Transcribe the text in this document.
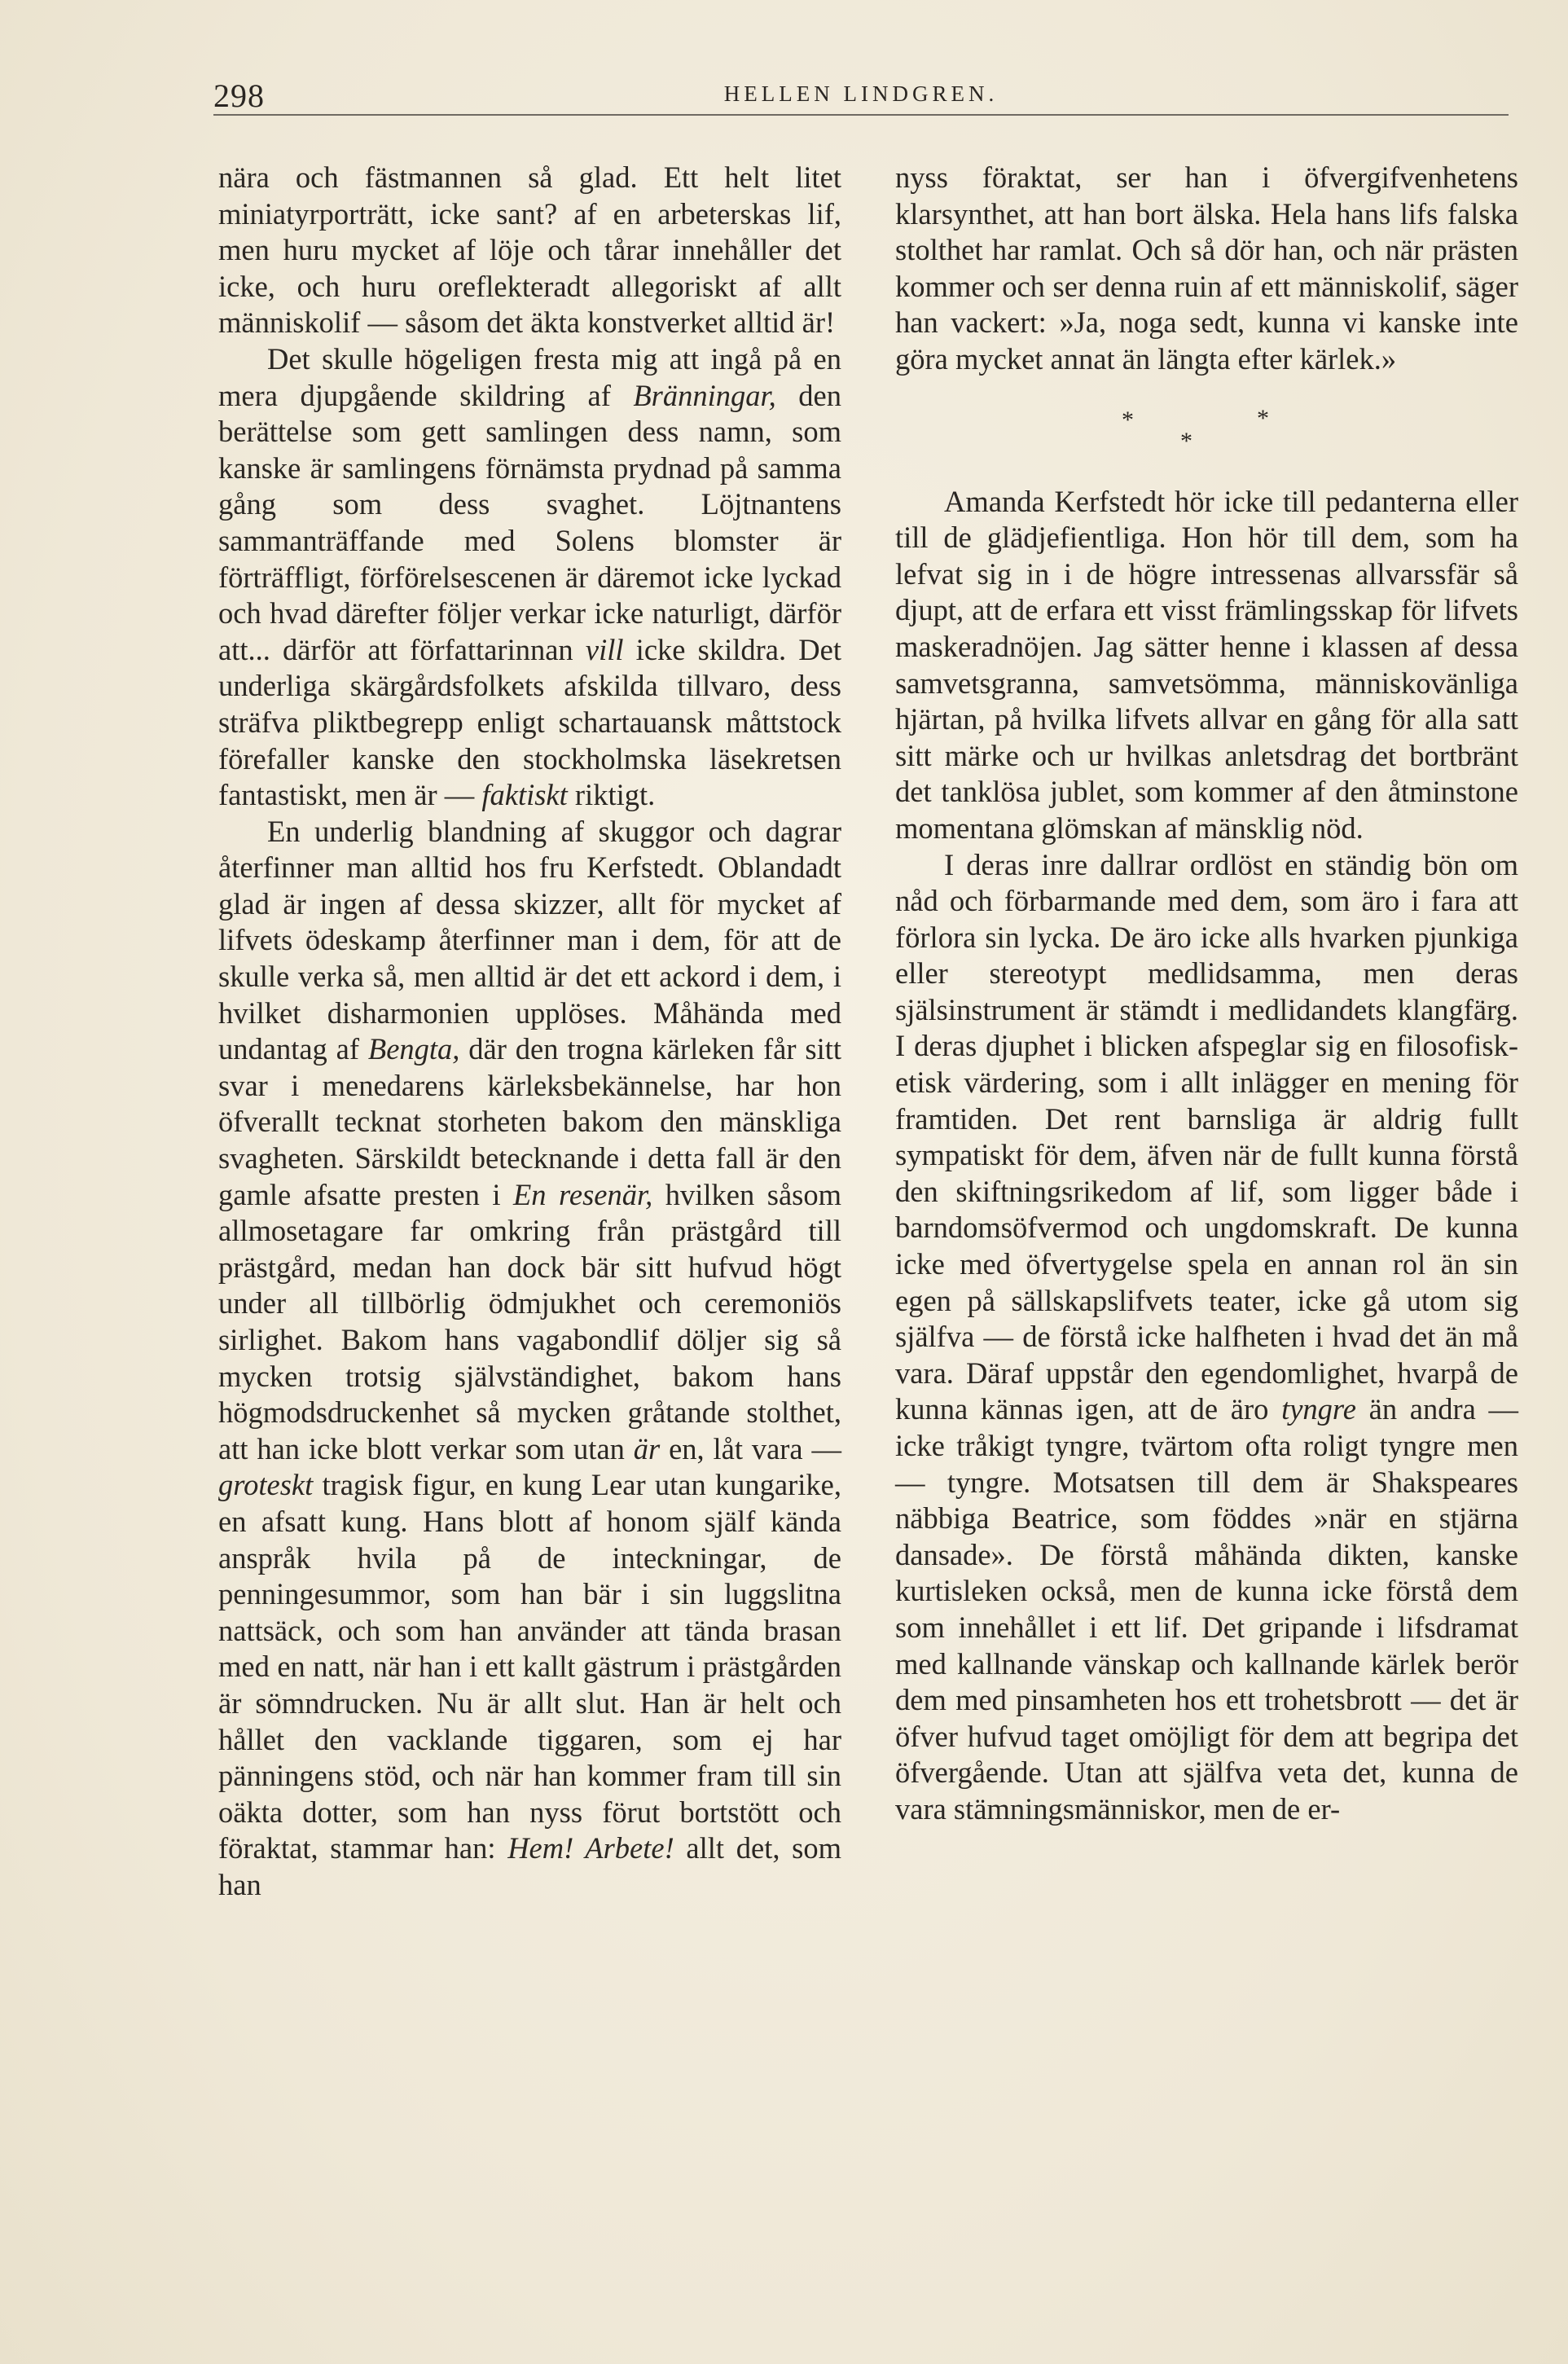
298	HELLEN LINDGREN.

nära och fästmannen så glad. Ett helt litet miniatyrporträtt, icke sant? af en arbeterskas lif, men huru mycket af löje och tårar innehåller det icke, och huru oreflekteradt allegoriskt af allt människolif — såsom det äkta konstverket alltid är!

Det skulle högeligen fresta mig att ingå på en mera djupgående skildring af Bränningar, den berättelse som gett samlingen dess namn, som kanske är samlingens förnämsta prydnad på samma gång som dess svaghet. Löjtnantens sammanträffande med Solens blomster är förträffligt, förförelsescenen är däremot icke lyckad och hvad därefter följer verkar icke naturligt, därför att... därför att författarinnan vill icke skildra. Det underliga skärgårdsfolkets afskilda tillvaro, dess sträfva pliktbegrepp enligt schartauansk måttstock förefaller kanske den stockholmska läsekretsen fantastiskt, men är — faktiskt riktigt.

En underlig blandning af skuggor och dagrar återfinner man alltid hos fru Kerfstedt. Oblandadt glad är ingen af dessa skizzer, allt för mycket af lifvets ödeskamp återfinner man i dem, för att de skulle verka så, men alltid är det ett ackord i dem, i hvilket disharmonien upplöses. Måhända med undantag af Bengta, där den trogna kärleken får sitt svar i menedarens kärleksbekännelse, har hon öfverallt tecknat storheten bakom den mänskliga svagheten. Särskildt betecknande i detta fall är den gamle afsatte presten i En resenär, hvilken såsom allmosetagare far omkring från prästgård till prästgård, medan han dock bär sitt hufvud högt under all tillbörlig ödmjukhet och ceremoniös sirlighet. Bakom hans vagabondlif döljer sig så mycken trotsig självständighet, bakom hans högmodsdruckenhet så mycken gråtande stolthet, att han icke blott verkar som utan är en, låt vara — groteskt tragisk figur, en kung Lear utan kungarike, en afsatt kung. Hans blott af honom själf kända anspråk hvila på de inteckningar, de penningesummor, som han bär i sin luggslitna nattsäck, och som han använder att tända brasan med en natt, när han i ett kallt gästrum i prästgården är sömndrucken. Nu är allt slut. Han är helt och hållet den vacklande tiggaren, som ej har pänningens stöd, och när han kommer fram till sin oäkta dotter, som han nyss förut bortstött och föraktat, stammar han: Hem! Arbete! allt det, som han

nyss föraktat, ser han i öfvergifvenhetens klarsynthet, att han bort älska. Hela hans lifs falska stolthet har ramlat. Och så dör han, och när prästen kommer och ser denna ruin af ett människolif, säger han vackert: »Ja, noga sedt, kunna vi kanske inte göra mycket annat än längta efter kärlek.»

*
*
*

Amanda Kerfstedt hör icke till pedanterna eller till de glädjefientliga. Hon hör till dem, som ha lefvat sig in i de högre intressenas allvarssfär så djupt, att de erfara ett visst främlingsskap för lifvets maskeradnöjen. Jag sätter henne i klassen af dessa samvetsgranna, samvetsömma, människovänliga hjärtan, på hvilka lifvets allvar en gång för alla satt sitt märke och ur hvilkas anletsdrag det bortbränt det tanklösa jublet, som kommer af den åtminstone momentana glömskan af mänsklig nöd.

I deras inre dallrar ordlöst en ständig bön om nåd och förbarmande med dem, som äro i fara att förlora sin lycka. De äro icke alls hvarken pjunkiga eller stereotypt medlidsamma, men deras själsinstrument är stämdt i medlidandets klangfärg. I deras djuphet i blicken afspeglar sig en filosofisk-etisk värdering, som i allt inlägger en mening för framtiden. Det rent barnsliga är aldrig fullt sympatiskt för dem, äfven när de fullt kunna förstå den skiftningsrikedom af lif, som ligger både i barndomsöfvermod och ungdomskraft. De kunna icke med öfvertygelse spela en annan rol än sin egen på sällskapslifvets teater, icke gå utom sig själfva — de förstå icke halfheten i hvad det än må vara. Däraf uppstår den egendomlighet, hvarpå de kunna kännas igen, att de äro tyngre än andra — icke tråkigt tyngre, tvärtom ofta roligt tyngre men — tyngre. Motsatsen till dem är Shakspeares näbbiga Beatrice, som föddes »när en stjärna dansade». De förstå måhända dikten, kanske kurtisleken också, men de kunna icke förstå dem som innehållet i ett lif. Det gripande i lifsdramat med kallnande vänskap och kallnande kärlek berör dem med pinsamheten hos ett trohetsbrott — det är öfver hufvud taget omöjligt för dem att begripa det öfvergående. Utan att själfva veta det, kunna de vara stämningsmänniskor, men de er-
